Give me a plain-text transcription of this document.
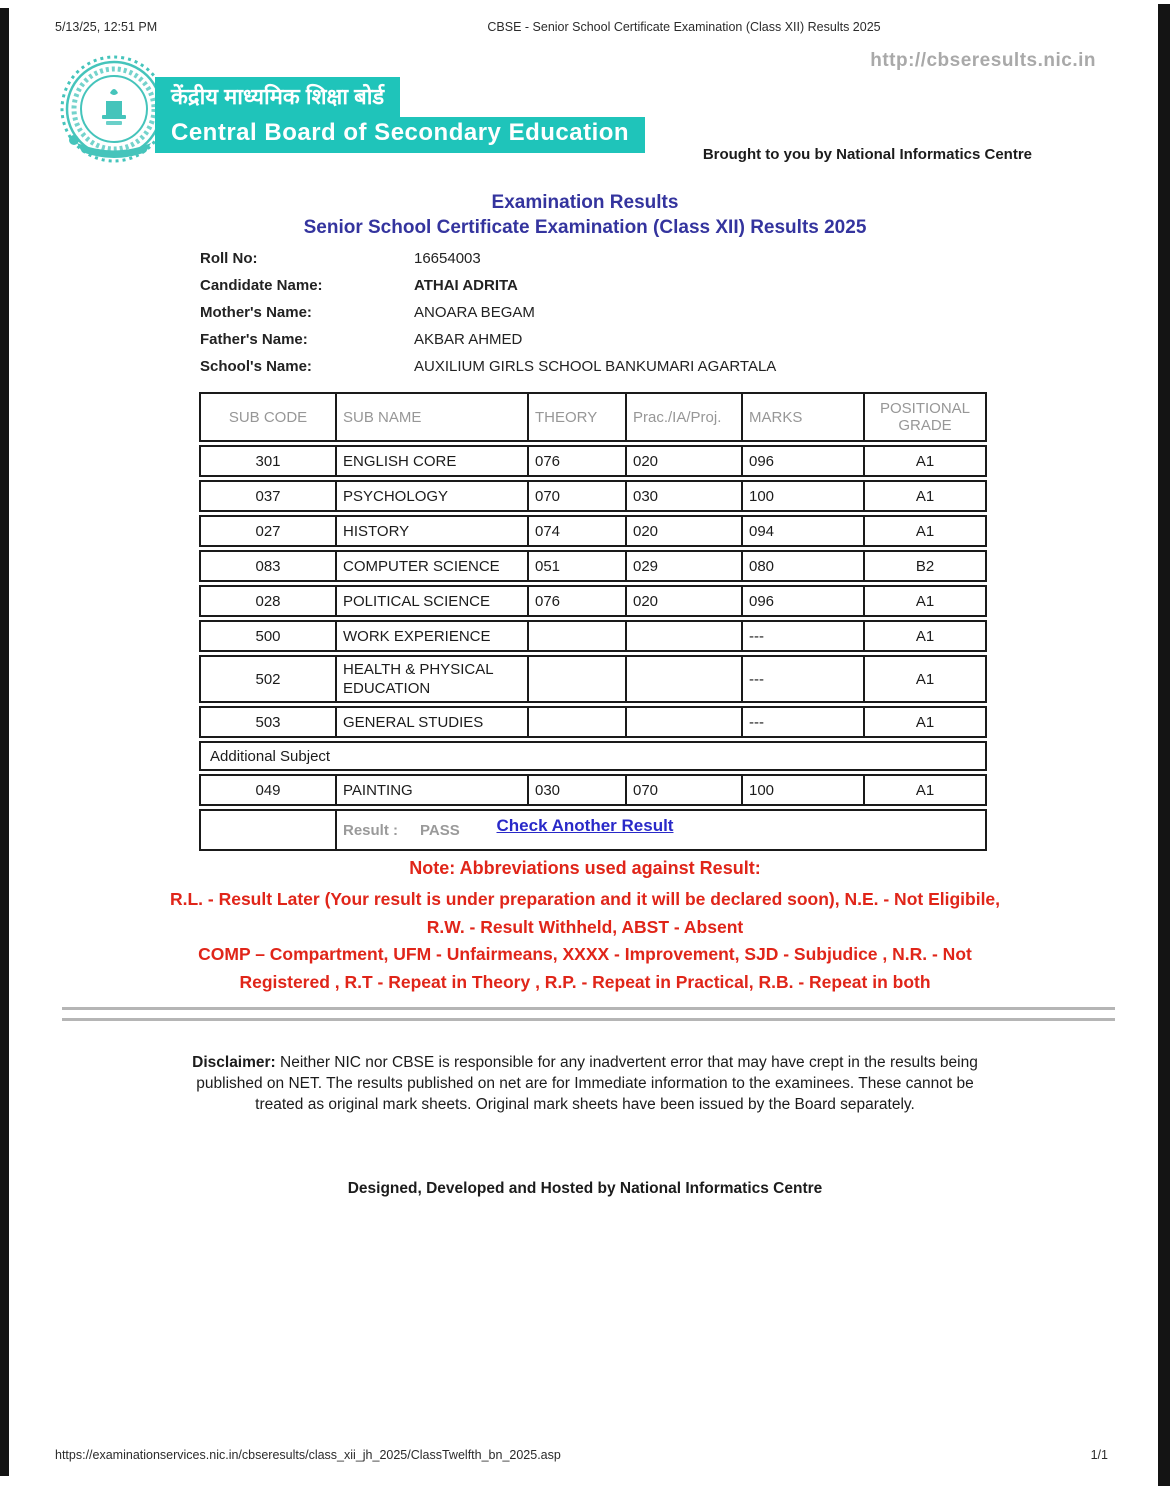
5/13/25, 12:51 PM	CBSE - Senior School Certificate Examination (Class XII) Results 2025
http://cbseresults.nic.in
केंद्रीय माध्यमिक शिक्षा बोर्ड
Central Board of Secondary Education
Brought to you by National Informatics Centre
Examination Results
Senior School Certificate Examination (Class XII) Results 2025
Roll No:	16654003
Candidate Name:	ATHAI ADRITA
Mother's Name:	ANOARA BEGAM
Father's Name:	AKBAR AHMED
School's Name:	AUXILIUM GIRLS SCHOOL BANKUMARI AGARTALA
SUB CODE	SUB NAME	THEORY	Prac./IA/Proj.	MARKS	POSITIONAL GRADE
301	ENGLISH CORE	076	020	096	A1
037	PSYCHOLOGY	070	030	100	A1
027	HISTORY	074	020	094	A1
083	COMPUTER SCIENCE	051	029	080	B2
028	POLITICAL SCIENCE	076	020	096	A1
500	WORK EXPERIENCE			---	A1
502	HEALTH & PHYSICAL EDUCATION			---	A1
503	GENERAL STUDIES			---	A1
Additional Subject					
049	PAINTING	030	070	100	A1
	Result : PASS					Check Another Result
Note: Abbreviations used against Result:
R.L. - Result Later (Your result is under preparation and it will be declared soon), N.E. - Not Eligibile,
R.W. - Result Withheld, ABST - Absent
COMP – Compartment, UFM - Unfairmeans, XXXX - Improvement, SJD - Subjudice , N.R. - Not
Registered , R.T - Repeat in Theory , R.P. - Repeat in Practical, R.B. - Repeat in both
Disclaimer: Neither NIC nor CBSE is responsible for any inadvertent error that may have crept in the results being published on NET. The results published on net are for Immediate information to the examinees. These cannot be treated as original mark sheets. Original mark sheets have been issued by the Board separately.
Designed, Developed and Hosted by National Informatics Centre
https://examinationservices.nic.in/cbseresults/class_xii_jh_2025/ClassTwelfth_bn_2025.asp	1/1
